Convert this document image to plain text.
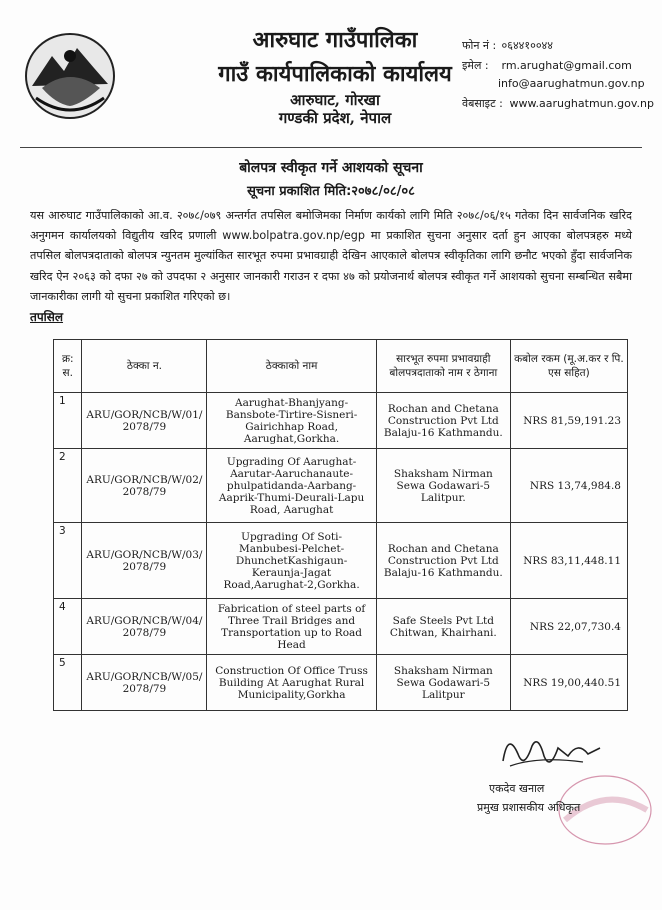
आरुघाट गाउँपालिका
गाउँ कार्यपालिकाको कार्यालय
आरुघाट, गोरखा
गण्डकी प्रदेश, नेपाल
फोन नं : ०६४४१००४४
इमेल : rm.arughat@gmail.com
info@aarughatmun.gov.np
वेबसाइट : www.aarughatmun.gov.np
बोलपत्र स्वीकृत गर्ने आशयको सूचना
सूचना प्रकाशित मिति:२०७८/०८/०८
यस आरुघाट गाउँपालिकाको आ.व. २०७८/०७९ अन्तर्गत तपसिल बमोजिमका निर्माण कार्यको लागि मिति २०७८/०६/१५ गतेका दिन सार्वजनिक खरिद अनुगमन कार्यालयको विद्युतीय खरिद प्रणाली www.bolpatra.gov.np/egp मा प्रकाशित सुचना अनुसार दर्ता हुन आएका बोलपत्रहरु मध्ये तपसिल बोलपत्रदाताको बोलपत्र न्युनतम मुल्यांकित सारभूत रुपमा प्रभावग्राही देखिन आएकाले बोलपत्र स्वीकृतिका लागि छनौट भएको हुँदा सार्वजनिक खरिद ऐन २०६३ को दफा २७ को उपदफा २ अनुसार जानकारी गराउन र दफा ४७ को प्रयोजनार्थ बोलपत्र स्वीकृत गर्ने आशयको सुचना सम्बन्धित सबैमा जानकारीका लागी यो सुचना प्रकाशित गरिएको छ।
तपसिल
क्र: स.	ठेक्का न.	ठेक्काको नाम	सारभूत रुपमा प्रभावग्राही बोलपत्रदाताको नाम र ठेगाना	कबोल रकम (मू.अ.कर र पि. एस सहित)
1	ARU/GOR/NCB/W/01/ 2078/79	Aarughat-Bhanjyang-Bansbote-Tirtire-Sisneri-Gairichhap Road, Aarughat,Gorkha.	Rochan and Chetana Construction Pvt Ltd Balaju-16 Kathmandu.	NRS 81,59,191.23
2	ARU/GOR/NCB/W/02/ 2078/79	Upgrading Of Aarughat-Aarutar-Aaruchanaute-phulpatidanda-Aarbang-Aaprik-Thumi-Deurali-Lapu Road, Aarughat	Shaksham Nirman Sewa Godawari-5 Lalitpur.	NRS 13,74,984.8
3	ARU/GOR/NCB/W/03/ 2078/79	Upgrading Of Soti-Manbubesi-Pelchet-DhunchetKashigaun-Keraunja-Jagat Road,Aarughat-2,Gorkha.	Rochan and Chetana Construction Pvt Ltd Balaju-16 Kathmandu.	NRS 83,11,448.11
4	ARU/GOR/NCB/W/04/ 2078/79	Fabrication of steel parts of Three Trail Bridges and Transportation up to Road Head	Safe Steels Pvt Ltd Chitwan, Khairhani.	NRS 22,07,730.4
5	ARU/GOR/NCB/W/05/ 2078/79	Construction Of Office Truss Building At Aarughat Rural Municipality,Gorkha	Shaksham Nirman Sewa Godawari-5 Lalitpur	NRS 19,00,440.51
एकदेव खनाल
प्रमुख प्रशासकीय अधिकृत
